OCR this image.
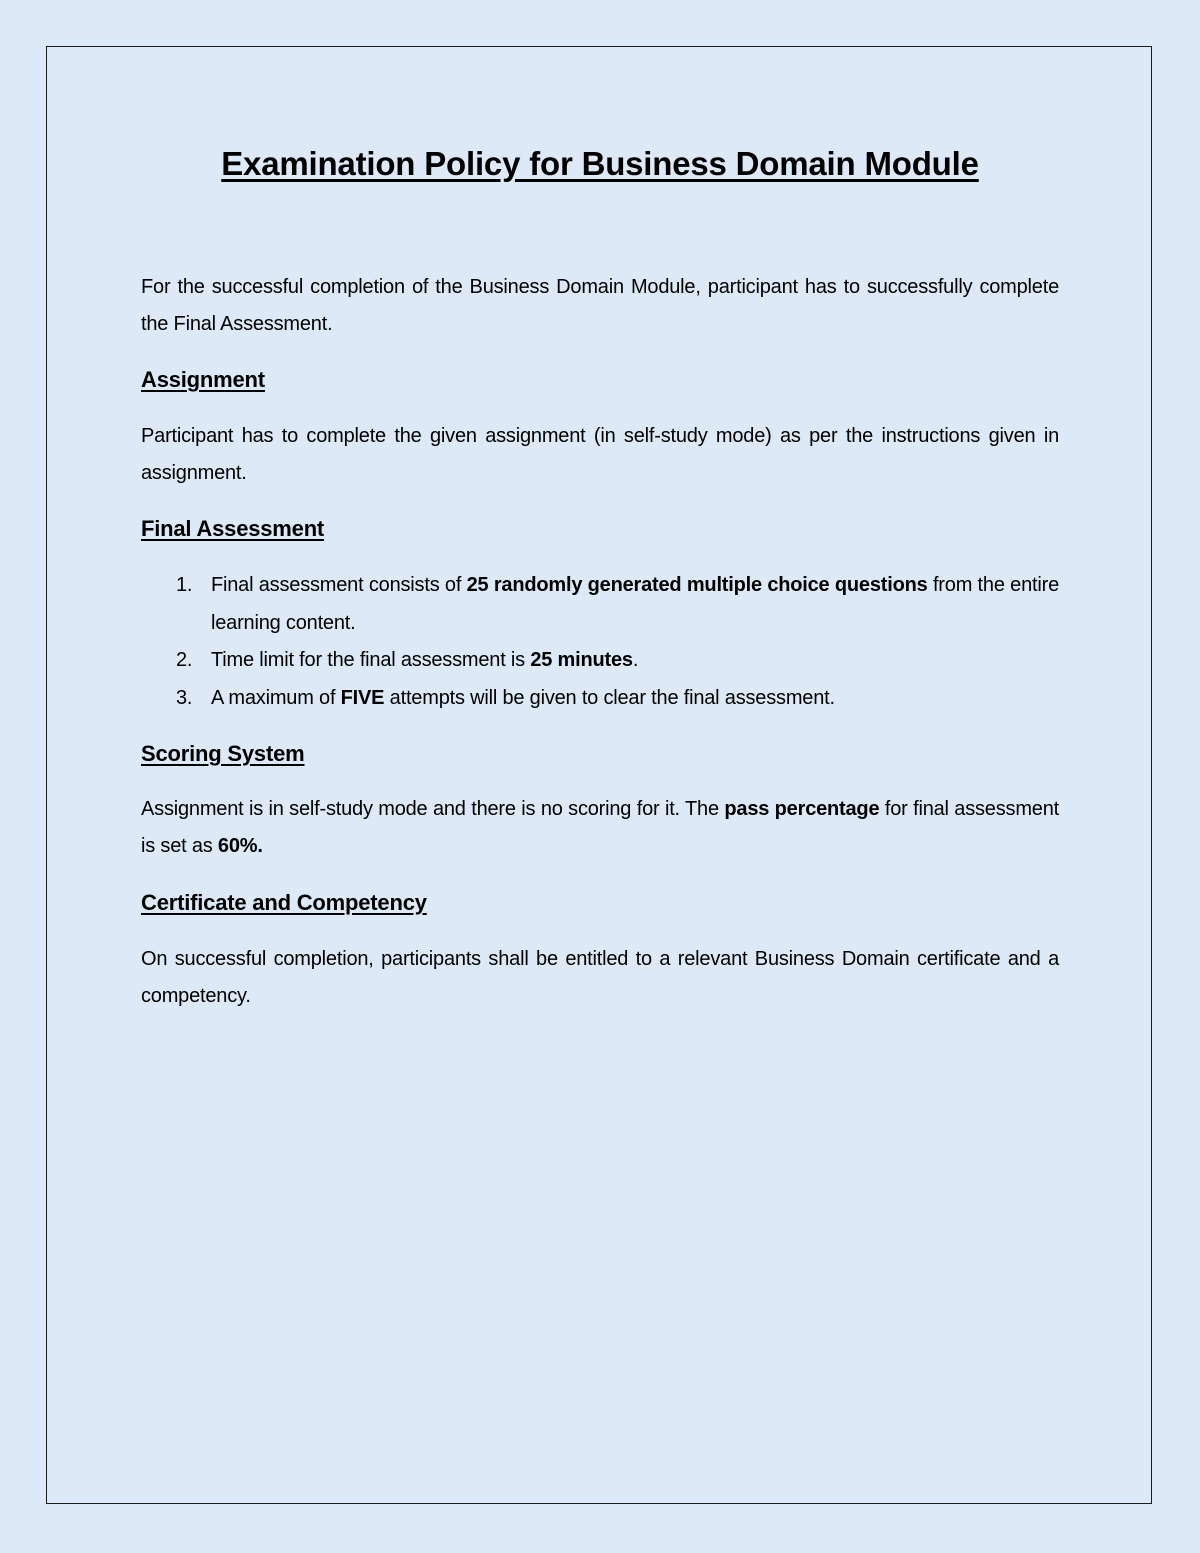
Examination Policy for Business Domain Module

For the successful completion of the Business Domain Module, participant has to successfully complete the Final Assessment.

Assignment

Participant has to complete the given assignment (in self-study mode) as per the instructions given in assignment.

Final Assessment
1. Final assessment consists of 25 randomly generated multiple choice questions from the entire learning content.
2. Time limit for the final assessment is 25 minutes.
3. A maximum of FIVE attempts will be given to clear the final assessment.
Scoring System

Assignment is in self-study mode and there is no scoring for it. The pass percentage for final assessment is set as 60%.

Certificate and Competency

On successful completion, participants shall be entitled to a relevant Business Domain certificate and a competency.
